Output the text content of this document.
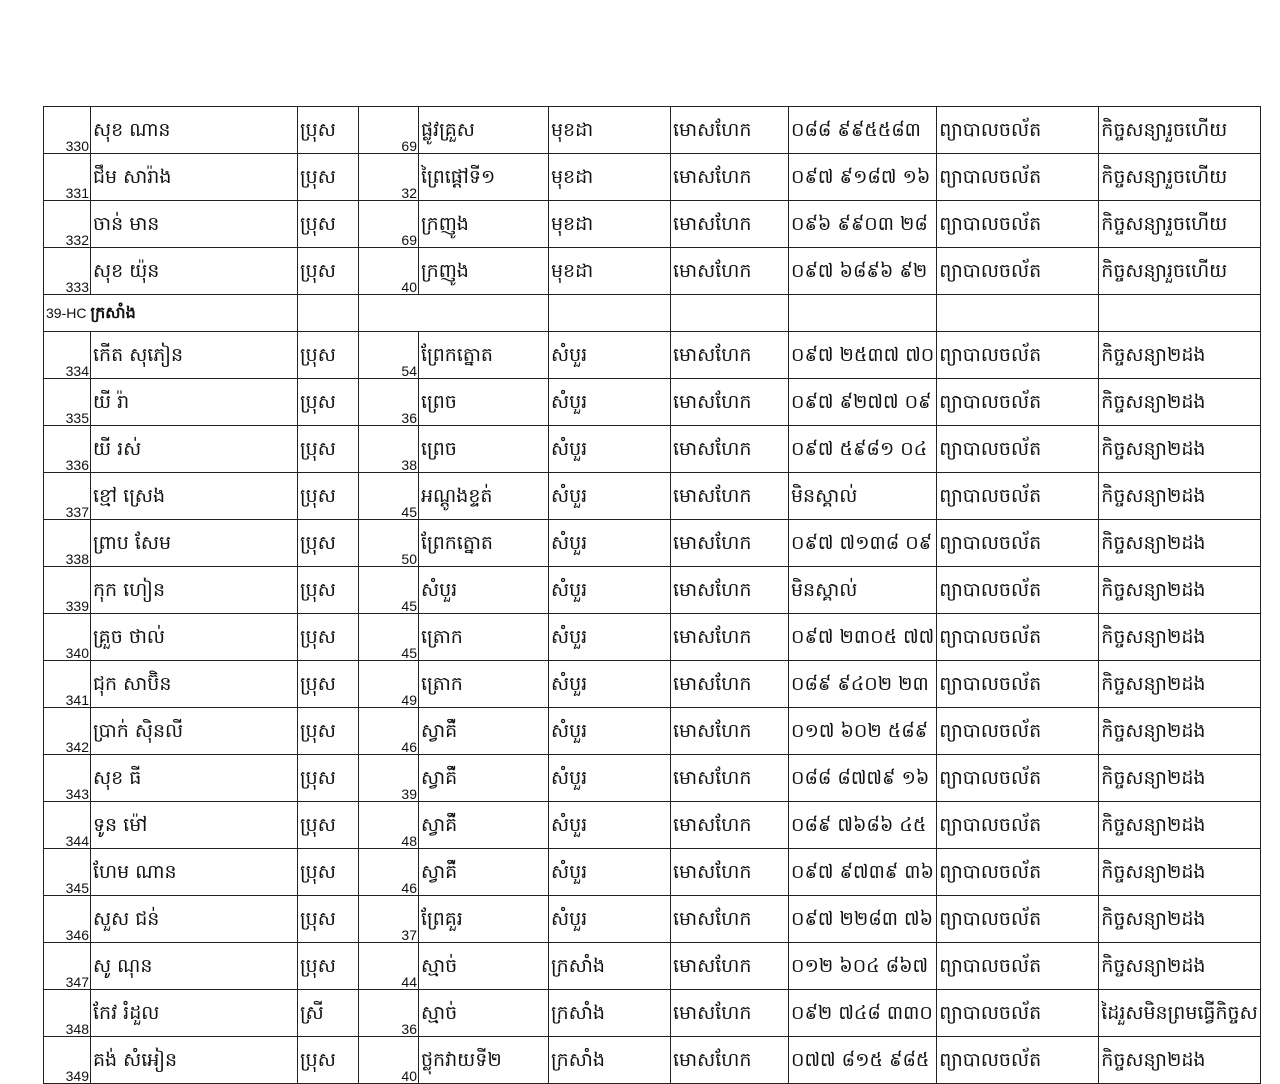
330	សុខ ណាន	ប្រុស	69	ផ្លូវគ្រួស	មុខដា	មោសហែក	០៨៨ ៩៩៥៥៨៣	ព្យាបាលចល័ត	កិច្ចសន្យារួចហើយ
331	ជឹម សារ៉ាង	ប្រុស	32	ព្រៃផ្តៅទី១	មុខដា	មោសហែក	០៩៧ ៩១៨៧ ១៦	ព្យាបាលចល័ត	កិច្ចសន្យារួចហើយ
332	ចាន់ មាន	ប្រុស	69	ក្រញូង	មុខដា	មោសហែក	០៩៦ ៩៩០៣ ២៨	ព្យាបាលចល័ត	កិច្ចសន្យារួចហើយ
333	សុខ យ៉ុន	ប្រុស	40	ក្រញូង	មុខដា	មោសហែក	០៩៧ ៦៨៩៦ ៩២	ព្យាបាលចល័ត	កិច្ចសន្យារួចហើយ
39-HC ក្រសាំង									
334	កើត សុភៀន	ប្រុស	54	ព្រែកត្នោត	សំបួរ	មោសហែក	០៩៧ ២៥៣៧ ៧០	ព្យាបាលចល័ត	កិច្ចសន្យា២ដង
335	យី រ៉ា	ប្រុស	36	ព្រេច	សំបួរ	មោសហែក	០៩៧ ៩២៧៧ ០៩	ព្យាបាលចល័ត	កិច្ចសន្យា២ដង
336	យី រស់	ប្រុស	38	ព្រេច	សំបួរ	មោសហែក	០៩៧ ៥៩៨១ ០៤	ព្យាបាលចល័ត	កិច្ចសន្យា២ដង
337	ខ្មៅ ស្រេង	ប្រុស	45	អណ្តូងខ្ទត់	សំបួរ	មោសហែក	មិនស្គាល់	ព្យាបាលចល័ត	កិច្ចសន្យា២ដង
338	ព្រាប សែម	ប្រុស	50	ព្រែកត្នោត	សំបួរ	មោសហែក	០៩៧ ៧១៣៨ ០៩	ព្យាបាលចល័ត	កិច្ចសន្យា២ដង
339	កុក ហៀន	ប្រុស	45	សំបួរ	សំបួរ	មោសហែក	មិនស្គាល់	ព្យាបាលចល័ត	កិច្ចសន្យា២ដង
340	គ្រួច ថាល់	ប្រុស	45	ត្រោក	សំបួរ	មោសហែក	០៩៧ ២៣០៥ ៧៧	ព្យាបាលចល័ត	កិច្ចសន្យា២ដង
341	ជុក សាប៊ិន	ប្រុស	49	ត្រោក	សំបួរ	មោសហែក	០៨៩ ៩៤០២ ២៣	ព្យាបាលចល័ត	កិច្ចសន្យា២ដង
342	ប្រាក់ ស៊ិនលី	ប្រុស	46	ស្វាគ៌ី	សំបួរ	មោសហែក	០១៧ ៦០២ ៥៨៩	ព្យាបាលចល័ត	កិច្ចសន្យា២ដង
343	សុខ ធី	ប្រុស	39	ស្វាគ៌ី	សំបួរ	មោសហែក	០៨៨ ៨៧៧៩ ១៦	ព្យាបាលចល័ត	កិច្ចសន្យា២ដង
344	ទូន ម៉ៅ	ប្រុស	48	ស្វាគ៌ី	សំបួរ	មោសហែក	០៨៩ ៧៦៨៦ ៤៥	ព្យាបាលចល័ត	កិច្ចសន្យា២ដង
345	ហែម ណាន	ប្រុស	46	ស្វាគ៌ី	សំបួរ	មោសហែក	០៩៧ ៩៧៣៩ ៣៦	ព្យាបាលចល័ត	កិច្ចសន្យា២ដង
346	សួស ជន់	ប្រុស	37	ព្រែគួរ	សំបួរ	មោសហែក	០៩៧ ២២៨៣ ៧៦	ព្យាបាលចល័ត	កិច្ចសន្យា២ដង
347	សូ ណុន	ប្រុស	44	ស្មាច់	ក្រសាំង	មោសហែក	០១២ ៦០៤ ៨៦៧	ព្យាបាលចល័ត	កិច្ចសន្យា២ដង
348	កែវ រំដួល	ស្រី	36	ស្មាច់	ក្រសាំង	មោសហែក	០៩២ ៧៤៨ ៣៣០	ព្យាបាលចល័ត	ដៃរួសមិនព្រមធ្វើកិច្ចស
349	គង់ សំអៀន	ប្រុស	40	ថ្លុកវាយទី២	ក្រសាំង	មោសហែក	០៧៧ ៨១៥ ៩៨៥	ព្យាបាលចល័ត	កិច្ចសន្យា២ដង
